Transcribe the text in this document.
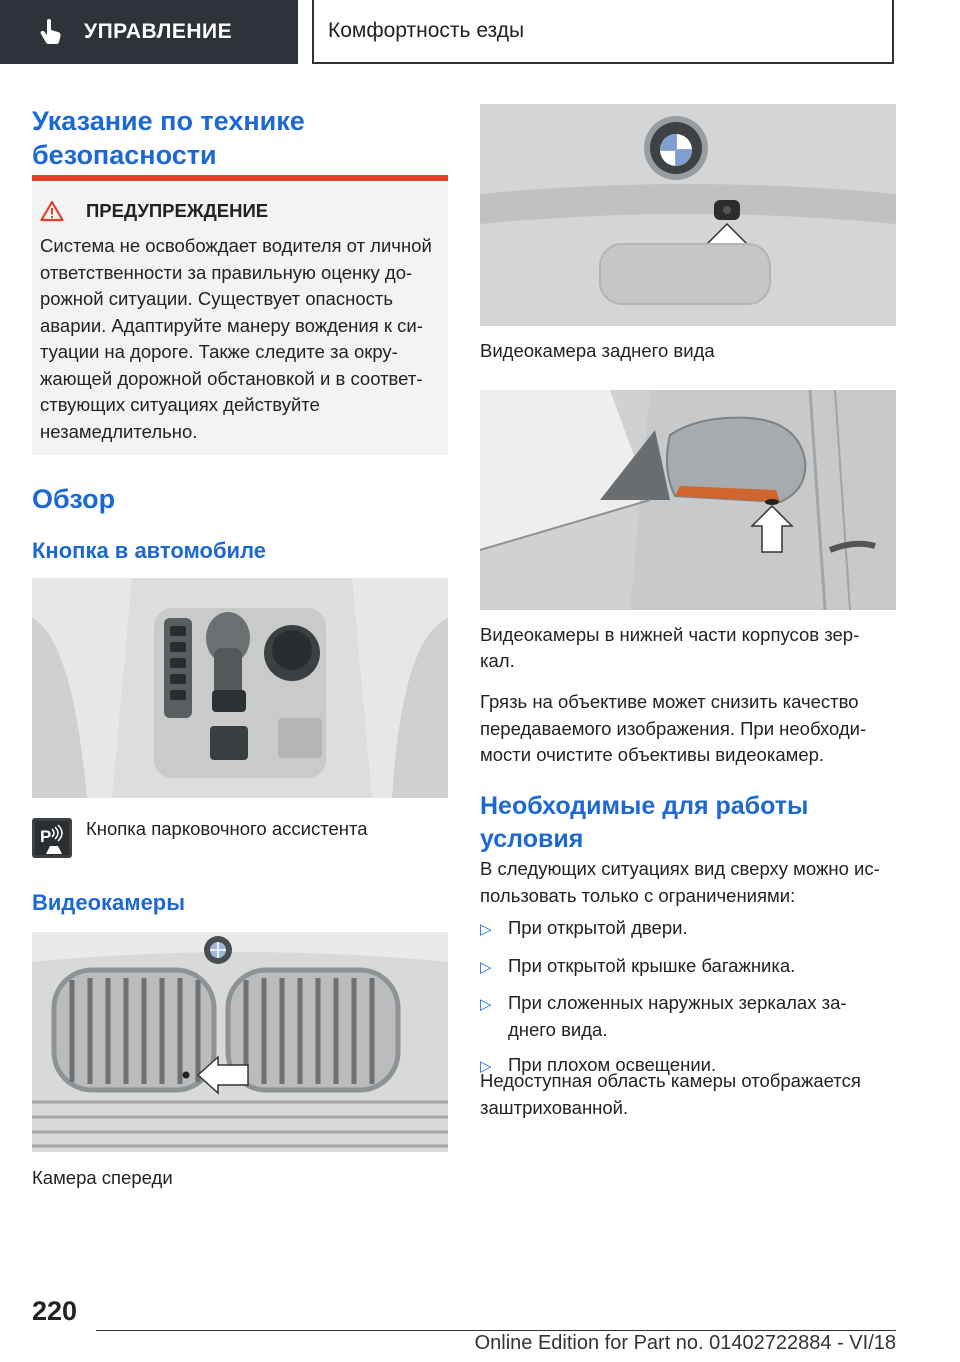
УПРАВЛЕНИЕ	Комфортность езды
Указание по технике безопасности
ПРЕДУПРЕЖДЕНИЕ
Система не освобождает водителя от личной ответственности за правильную оценку до-рожной ситуации. Существует опасность аварии. Адаптируйте манеру вождения к си-туации на дороге. Также следите за окру-жающей дорожной обстановкой и в соответ-ствующих ситуациях действуйте незамедлительно.
Обзор
Кнопка в автомобиле
P Кнопка парковочного ассистента
Видеокамеры
Камера спереди
Видеокамера заднего вида
Видеокамеры в нижней части корпусов зер-кал.
Грязь на объективе может снизить качество передаваемого изображения. При необходи-мости очистите объективы видеокамер.
Необходимые для работы условия
В следующих ситуациях вид сверху можно ис-пользовать только с ограничениями:
▷ При открытой двери.
▷ При открытой крышке багажника.
▷ При сложенных наружных зеркалах за-днего вида.
▷ При плохом освещении.
Недоступная область камеры отображается заштрихованной.
220
Online Edition for Part no. 01402722884 - VI/18
